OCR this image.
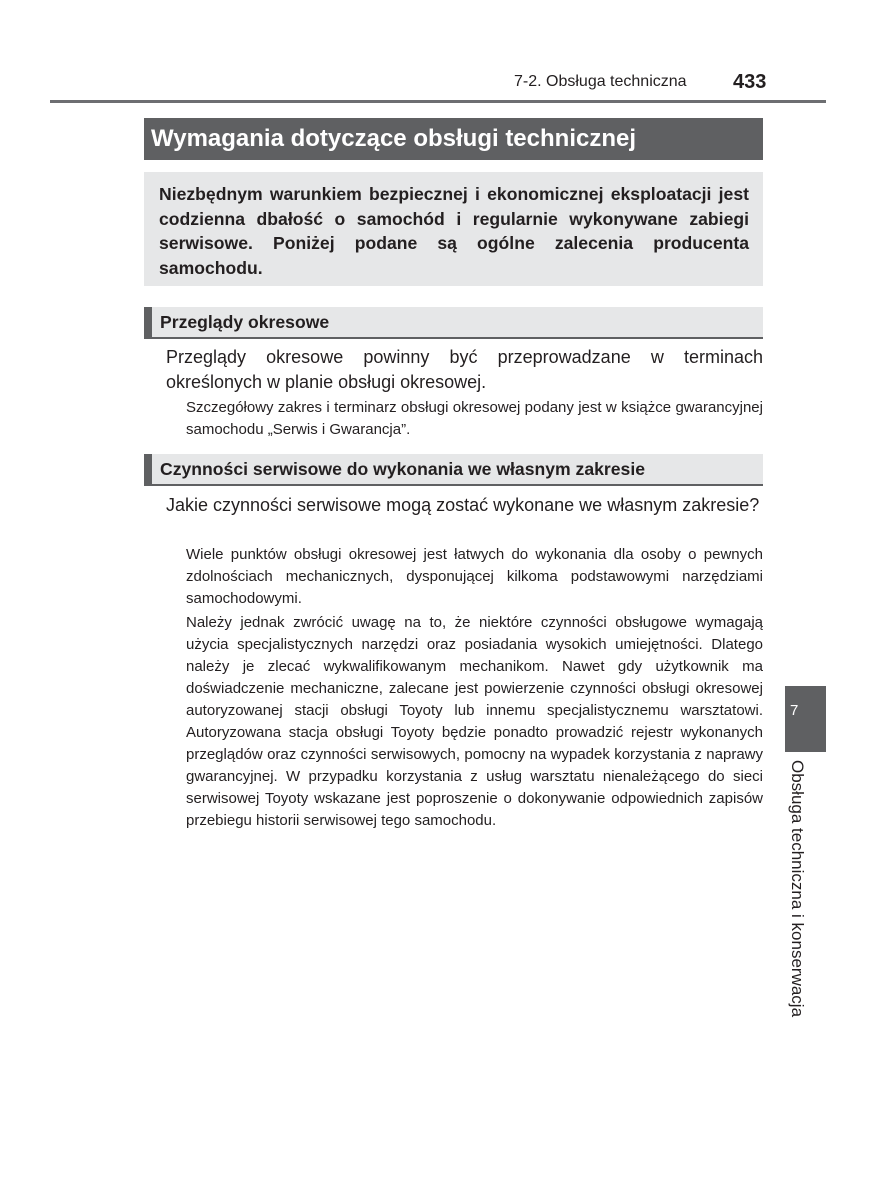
7-2. Obsługa techniczna 433
Wymagania dotyczące obsługi technicznej
Niezbędnym warunkiem bezpiecznej i ekonomicznej eksploatacji jest codzienna dbałość o samochód i regularnie wykonywane zabiegi serwisowe. Poniżej podane są ogólne zalecenia producenta samochodu.
Przeglądy okresowe
Przeglądy okresowe powinny być przeprowadzane w terminach określonych w planie obsługi okresowej.
Szczegółowy zakres i terminarz obsługi okresowej podany jest w książce gwarancyjnej samochodu „Serwis i Gwarancja”.
Czynności serwisowe do wykonania we własnym zakresie
Jakie czynności serwisowe mogą zostać wykonane we własnym zakresie?
Wiele punktów obsługi okresowej jest łatwych do wykonania dla osoby o pewnych zdolnościach mechanicznych, dysponującej kilkoma podstawowymi narzędziami samochodowymi.
Należy jednak zwrócić uwagę na to, że niektóre czynności obsługowe wymagają użycia specjalistycznych narzędzi oraz posiadania wysokich umiejętności. Dlatego należy je zlecać wykwalifikowanym mechanikom. Nawet gdy użytkownik ma doświadczenie mechaniczne, zalecane jest powierzenie czynności obsługi okresowej autoryzowanej stacji obsługi Toyoty lub innemu specjalistycznemu warsztatowi. Autoryzowana stacja obsługi Toyoty będzie ponadto prowadzić rejestr wykonanych przeglądów oraz czynności serwisowych, pomocny na wypadek korzystania z naprawy gwarancyjnej. W przypadku korzystania z usług warsztatu nienależącego do sieci serwisowej Toyoty wskazane jest poproszenie o dokonywanie odpowiednich zapisów przebiegu historii serwisowej tego samochodu.
7
Obsługa techniczna i konserwacja
